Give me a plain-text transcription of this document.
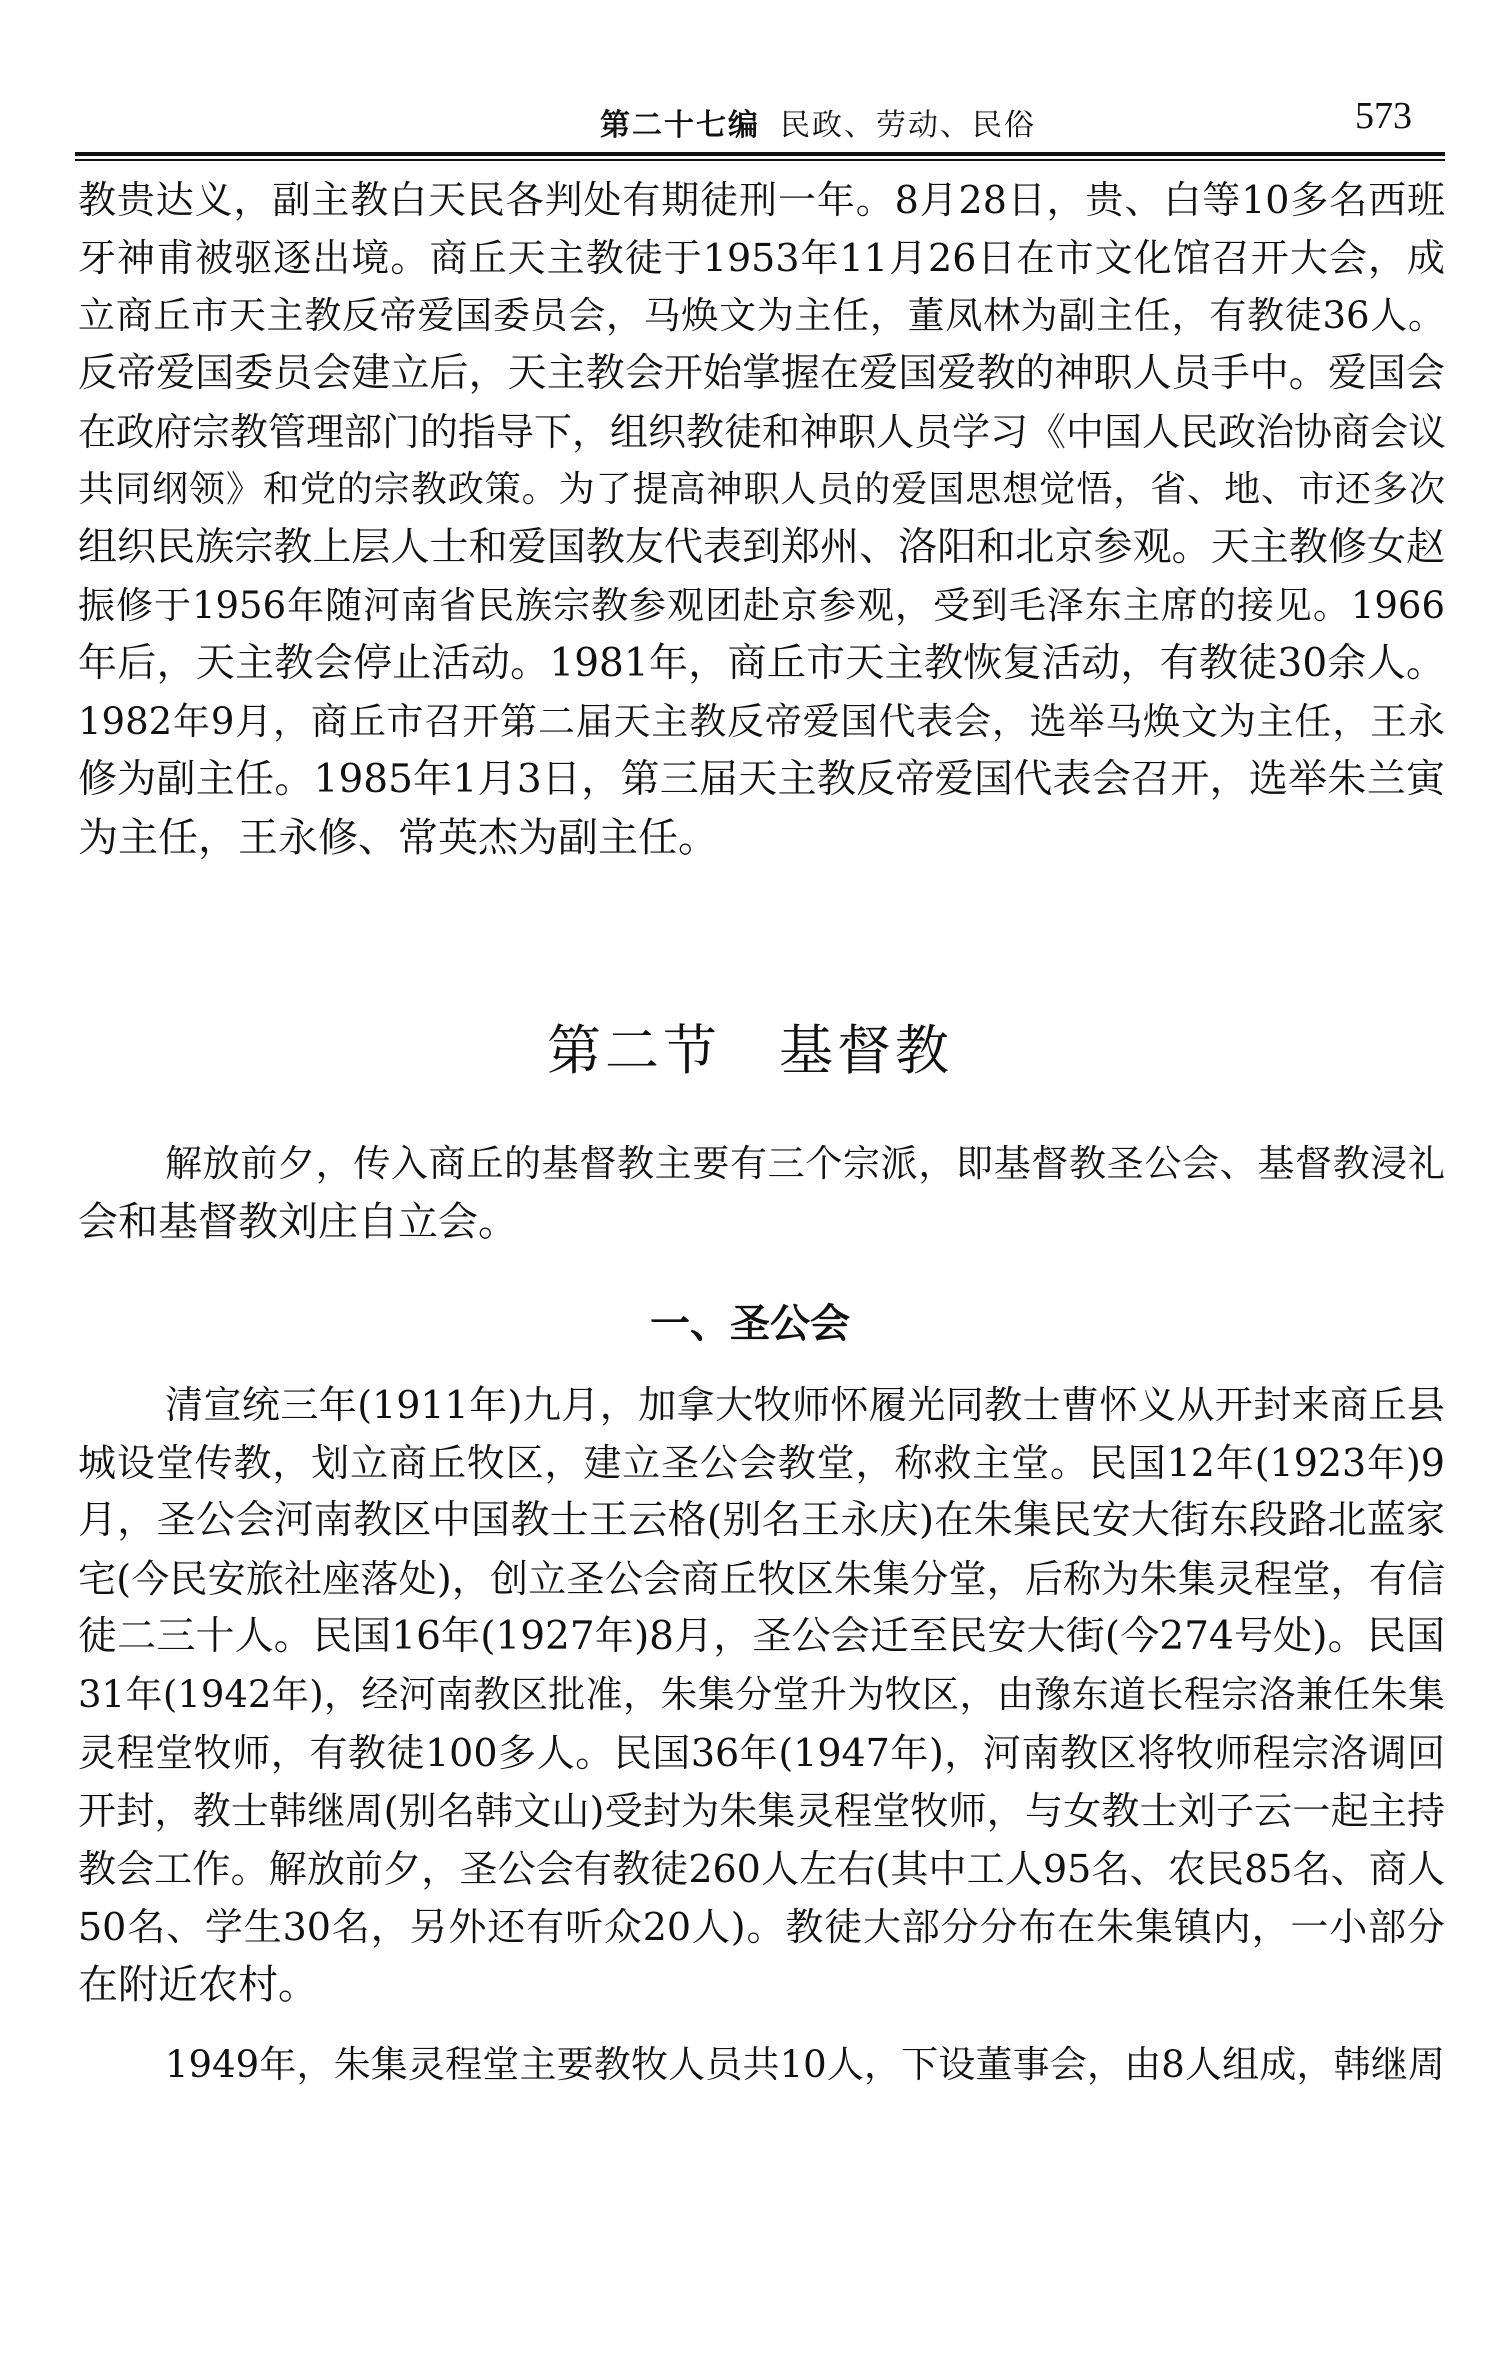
第二十七编 民政、劳动、民俗	573
教贵达义，副主教白天民各判处有期徒刑一年。8月28日，贵、白等10多名西班
牙神甫被驱逐出境。商丘天主教徒于1953年11月26日在市文化馆召开大会，成
立商丘市天主教反帝爱国委员会，马焕文为主任，董凤林为副主任，有教徒36人。
反帝爱国委员会建立后，天主教会开始掌握在爱国爱教的神职人员手中。爱国会
在政府宗教管理部门的指导下，组织教徒和神职人员学习《中国人民政治协商会议
共同纲领》和党的宗教政策。为了提高神职人员的爱国思想觉悟，省、地、市还多次
组织民族宗教上层人士和爱国教友代表到郑州、洛阳和北京参观。天主教修女赵
振修于1956年随河南省民族宗教参观团赴京参观，受到毛泽东主席的接见。1966
年后，天主教会停止活动。1981年，商丘市天主教恢复活动，有教徒30余人。
1982年9月，商丘市召开第二届天主教反帝爱国代表会，选举马焕文为主任，王永
修为副主任。1985年1月3日，第三届天主教反帝爱国代表会召开，选举朱兰寅
为主任，王永修、常英杰为副主任。
第二节　基督教
解放前夕，传入商丘的基督教主要有三个宗派，即基督教圣公会、基督教浸礼
会和基督教刘庄自立会。
一、圣公会
清宣统三年(1911年)九月，加拿大牧师怀履光同教士曹怀义从开封来商丘县
城设堂传教，划立商丘牧区，建立圣公会教堂，称救主堂。民国12年(1923年)9
月，圣公会河南教区中国教士王云格(别名王永庆)在朱集民安大街东段路北蓝家
宅(今民安旅社座落处)，创立圣公会商丘牧区朱集分堂，后称为朱集灵程堂，有信
徒二三十人。民国16年(1927年)8月，圣公会迁至民安大街(今274号处)。民国
31年(1942年)，经河南教区批准，朱集分堂升为牧区，由豫东道长程宗洛兼任朱集
灵程堂牧师，有教徒100多人。民国36年(1947年)，河南教区将牧师程宗洛调回
开封，教士韩继周(别名韩文山)受封为朱集灵程堂牧师，与女教士刘子云一起主持
教会工作。解放前夕，圣公会有教徒260人左右(其中工人95名、农民85名、商人
50名、学生30名，另外还有听众20人)。教徒大部分分布在朱集镇内，一小部分
在附近农村。
1949年，朱集灵程堂主要教牧人员共10人，下设董事会，由8人组成，韩继周
